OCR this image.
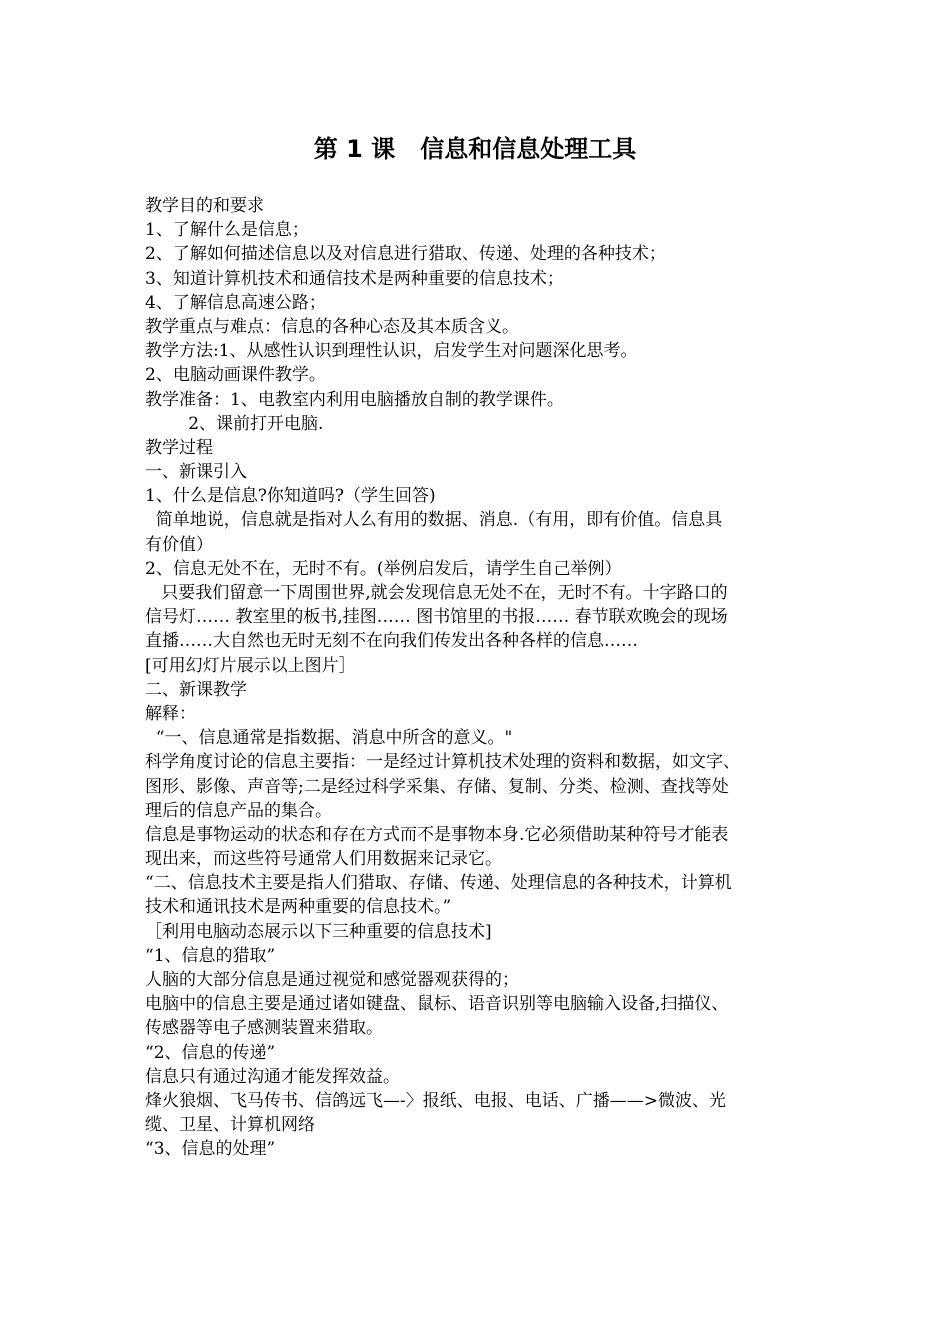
第 1 课   信息和信息处理工具
教学目的和要求
1、了解什么是信息；
2、了解如何描述信息以及对信息进行猎取、传递、处理的各种技术；
3、知道计算机技术和通信技术是两种重要的信息技术；
4、了解信息高速公路；
教学重点与难点：信息的各种心态及其本质含义。
教学方法:1、从感性认识到理性认识，启发学生对问题深化思考。
2、电脑动画课件教学。
教学准备：1、电教室内利用电脑播放自制的教学课件。
2、课前打开电脑.
教学过程
一、新课引入
1、什么是信息?你知道吗?（学生回答)
简单地说，信息就是指对人么有用的数据、消息.（有用，即有价值。信息具
有价值）
2、信息无处不在，无时不有。(举例启发后，请学生自己举例）
只要我们留意一下周围世界,就会发现信息无处不在，无时不有。十字路口的
信号灯…… 教室里的板书,挂图…… 图书馆里的书报…… 春节联欢晚会的现场
直播……大自然也无时无刻不在向我们传发出各种各样的信息……
[可用幻灯片展示以上图片］
二、新课教学
解释：
“一、信息通常是指数据、消息中所含的意义。"
科学角度讨论的信息主要指：一是经过计算机技术处理的资料和数据，如文字、
图形、影像、声音等;二是经过科学采集、存储、复制、分类、检测、查找等处
理后的信息产品的集合。
信息是事物运动的状态和存在方式而不是事物本身.它必须借助某种符号才能表
现出来，而这些符号通常人们用数据来记录它。
“二、信息技术主要是指人们猎取、存储、传递、处理信息的各种技术，计算机
技术和通讯技术是两种重要的信息技术。”
［利用电脑动态展示以下三种重要的信息技术]
“1、信息的猎取”
人脑的大部分信息是通过视觉和感觉器观获得的；
电脑中的信息主要是通过诸如键盘、鼠标、语音识别等电脑输入设备,扫描仪、
传感器等电子感测装置来猎取。
“2、信息的传递”
信息只有通过沟通才能发挥效益。
烽火狼烟、飞马传书、信鸽远飞—-〉报纸、电报、电话、广播——>微波、光
缆、卫星、计算机网络
“3、信息的处理”
